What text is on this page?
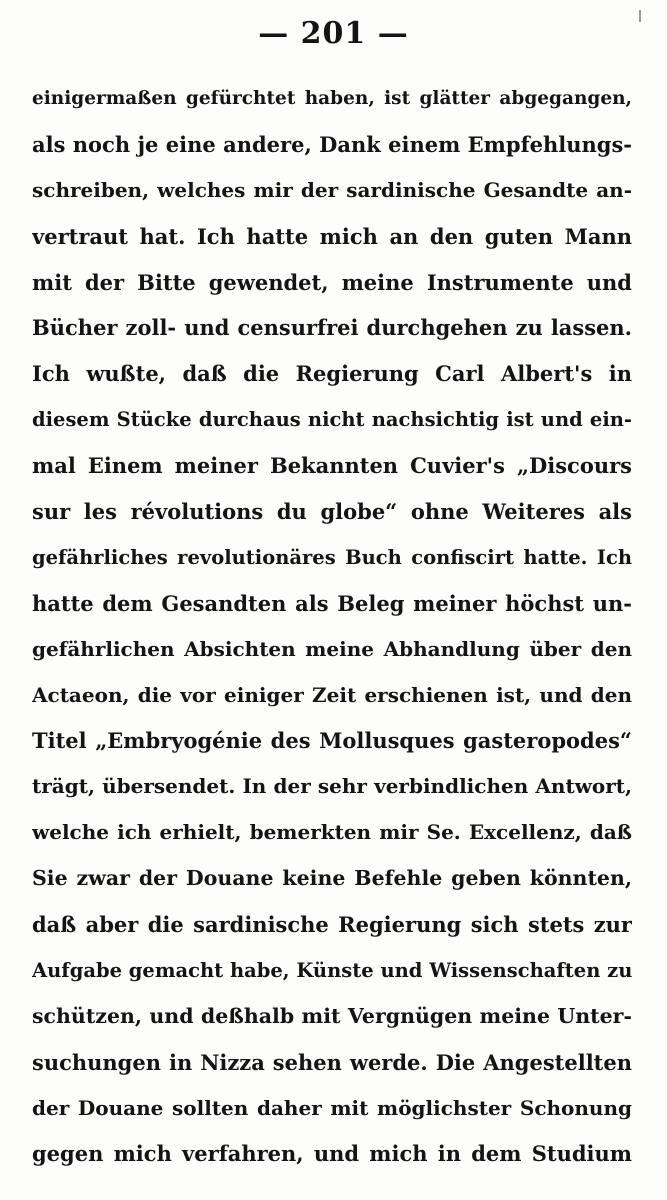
— 201 —
einigermaßen gefürchtet haben, ist glätter abgegangen,
als noch je eine andere, Dank einem Empfehlungs-
schreiben, welches mir der sardinische Gesandte an-
vertraut hat. Ich hatte mich an den guten Mann
mit der Bitte gewendet, meine Instrumente und
Bücher zoll- und censurfrei durchgehen zu lassen.
Ich wußte, daß die Regierung Carl Albert's in
diesem Stücke durchaus nicht nachsichtig ist und ein-
mal Einem meiner Bekannten Cuvier's „Discours
sur les révolutions du globe“ ohne Weiteres als
gefährliches revolutionäres Buch confiscirt hatte. Ich
hatte dem Gesandten als Beleg meiner höchst un-
gefährlichen Absichten meine Abhandlung über den
Actaeon, die vor einiger Zeit erschienen ist, und den
Titel „Embryogénie des Mollusques gasteropodes“
trägt, übersendet. In der sehr verbindlichen Antwort,
welche ich erhielt, bemerkten mir Se. Excellenz, daß
Sie zwar der Douane keine Befehle geben könnten,
daß aber die sardinische Regierung sich stets zur
Aufgabe gemacht habe, Künste und Wissenschaften zu
schützen, und deßhalb mit Vergnügen meine Unter-
suchungen in Nizza sehen werde. Die Angestellten
der Douane sollten daher mit möglichster Schonung
gegen mich verfahren, und mich in dem Studium
